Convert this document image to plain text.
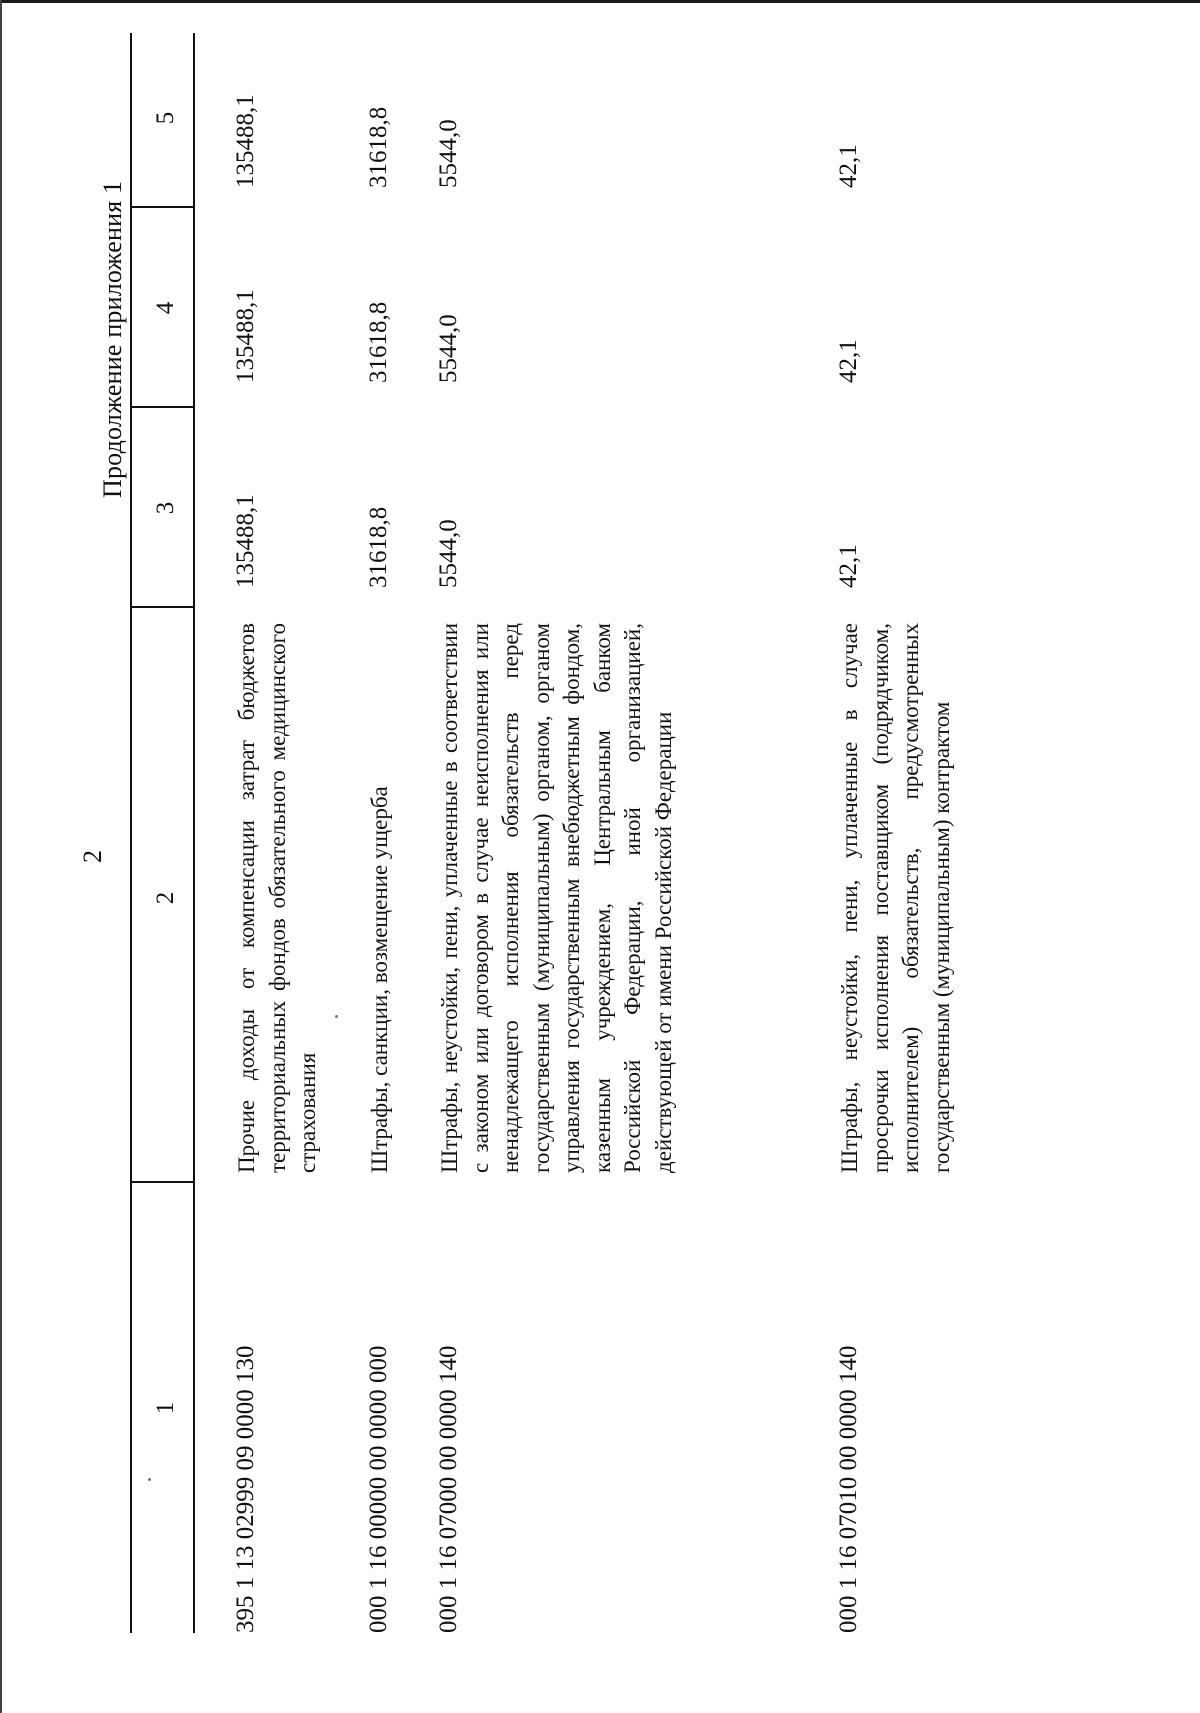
2
Продолжение приложения 1
1
2
3
4
5
395 1 13 02999 09 0000 130
Прочие доходы от компенсации затрат бюджетов территориальных фондов обязательного медицинского страхования
135488,1
135488,1
135488,1
000 1 16 00000 00 0000 000
Штрафы, санкции, возмещение ущерба
31618,8
31618,8
31618,8
000 1 16 07000 00 0000 140
Штрафы, неустойки, пени, уплаченные в соответствии с законом или договором в случае неисполнения или ненадлежащего исполнения обязательств перед государственным (муниципальным) органом, органом управления государственным внебюджетным фондом, казенным учреждением, Центральным банком Российской Федерации, иной организацией, действующей от имени Российской Федерации
5544,0
5544,0
5544,0
000 1 16 07010 00 0000 140
Штрафы, неустойки, пени, уплаченные в случае просрочки исполнения поставщиком (подрядчиком, исполнителем) обязательств, предусмотренных государственным (муниципальным) контрактом
42,1
42,1
42,1
